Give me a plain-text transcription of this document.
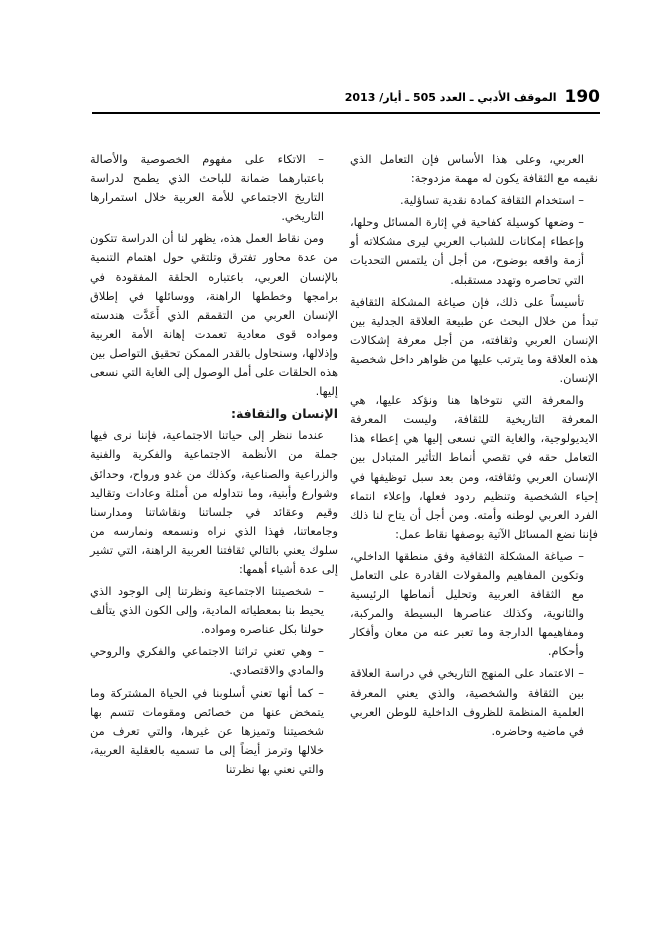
190
الموقف الأدبي ـ العدد 505 ـ أيار/ 2013

العربي، وعلى هذا الأساس فإن التعامل الذي نقيمه مع الثقافة يكون له مهمة مزدوجة:

– استخدام الثقافة كمادة نقدية تساؤلية.

– وضعها كوسيلة كفاحية في إثارة المسائل وحلها، وإعطاء إمكانات للشباب العربي ليرى مشكلاته أو أزمة واقعه بوضوح، من أجل أن يلتمس التحديات التي تحاصره وتهدد مستقبله.

تأسيساً على ذلك، فإن صياغة المشكلة الثقافية تبدأ من خلال البحث عن طبيعة العلاقة الجدلية بين الإنسان العربي وثقافته، من أجل معرفة إشكالات هذه العلاقة وما يترتب عليها من ظواهر داخل شخصية الإنسان.

والمعرفة التي نتوخاها هنا ونؤكد عليها، هي المعرفة التاريخية للثقافة، وليست المعرفة الايديولوجية، والغاية التي نسعى إليها هي إعطاء هذا التعامل حقه في تقصي أنماط التأثير المتبادل بين الإنسان العربي وثقافته، ومن بعد سبل توظيفها في إحياء الشخصية وتنظيم ردود فعلها، وإعلاء انتماء الفرد العربي لوطنه وأمته. ومن أجل أن يتاح لنا ذلك فإننا نضع المسائل الآتية بوصفها نقاط عمل:

– صياغة المشكلة الثقافية وفق منطقها الداخلي، وتكوين المفاهيم والمقولات القادرة على التعامل مع الثقافة العربية وتحليل أنماطها الرئيسية والثانوية، وكذلك عناصرها البسيطة والمركبة، ومفاهيمها الدارجة وما تعبر عنه من معان وأفكار وأحكام.

– الاعتماد على المنهج التاريخي في دراسة العلاقة بين الثقافة والشخصية، والذي يعني المعرفة العلمية المنظمة للظروف الداخلية للوطن العربي في ماضيه وحاضره.

– الاتكاء على مفهوم الخصوصية والأصالة باعتبارهما ضمانة للباحث الذي يطمح لدراسة التاريخ الاجتماعي للأمة العربية خلال استمرارها التاريخي.

ومن نقاط العمل هذه، يظهر لنا أن الدراسة تتكون من عدة محاور تفترق وتلتقي حول اهتمام التنمية بالإنسان العربي، باعتباره الحلقة المفقودة في برامجها وخططها الراهنة، ووسائلها في إطلاق الإنسان العربي من التقمقم الذي أَعَدَّت هندسته ومواده قوى معادية تعمدت إهانة الأمة العربية وإذلالها، وسنحاول بالقدر الممكن تحقيق التواصل بين هذه الحلقات على أمل الوصول إلى الغاية التي نسعى إليها.

الإنسان والثقافة:

عندما ننظر إلى حياتنا الاجتماعية، فإننا نرى فيها جملة من الأنظمة الاجتماعية والفكرية والفنية والزراعية والصناعية، وكذلك من غدو ورواح، وحدائق وشوارع وأبنية، وما نتداوله من أمثلة وعادات وتقاليد وقيم وعقائد في جلساتنا ونقاشاتنا ومدارسنا وجامعاتنا، فهذا الذي نراه ونسمعه ونمارسه من سلوك يعني بالتالي ثقافتنا العربية الراهنة، التي تشير إلى عدة أشياء أهمها:

– شخصيتنا الاجتماعية ونظرتنا إلى الوجود الذي يحيط بنا بمعطياته المادية، وإلى الكون الذي يتألف حولنا بكل عناصره ومواده.

– وهي تعني تراثنا الاجتماعي والفكري والروحي والمادي والاقتصادي.

– كما أنها تعني أسلوبنا في الحياة المشتركة وما يتمخض عنها من خصائص ومقومات تتسم بها شخصيتنا وتميزها عن غيرها، والتي تعرف من خلالها وترمز أيضاً إلى ما تسميه بالعقلية العربية، والتي نعني بها نظرتنا
